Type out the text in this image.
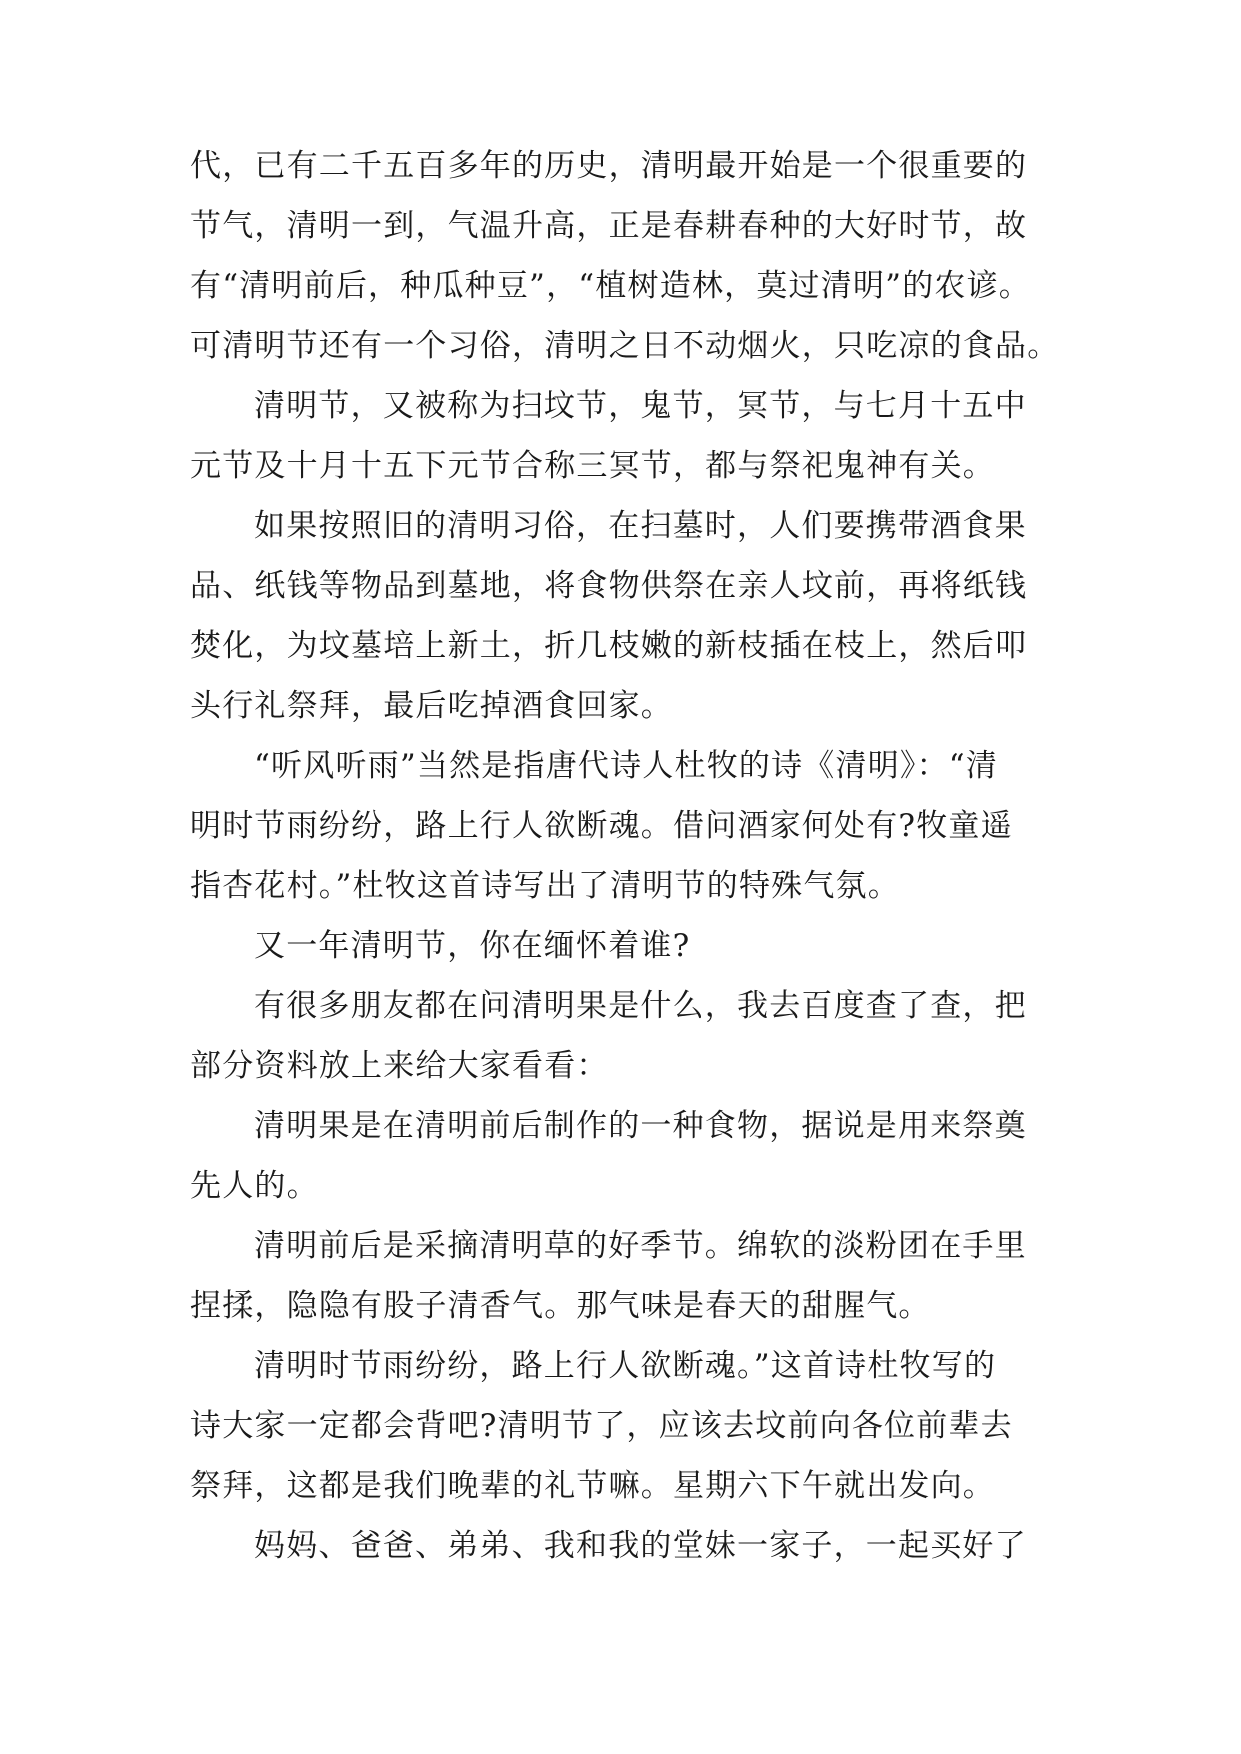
代，已有二千五百多年的历史，清明最开始是一个很重要的
节气，清明一到，气温升高，正是春耕春种的大好时节，故
有“清明前后，种瓜种豆”，“植树造林，莫过清明”的农谚。
可清明节还有一个习俗，清明之日不动烟火，只吃凉的食品。
清明节，又被称为扫坟节，鬼节，冥节，与七月十五中
元节及十月十五下元节合称三冥节，都与祭祀鬼神有关。
如果按照旧的清明习俗，在扫墓时，人们要携带酒食果
品、纸钱等物品到墓地，将食物供祭在亲人坟前，再将纸钱
焚化，为坟墓培上新土，折几枝嫩的新枝插在枝上，然后叩
头行礼祭拜，最后吃掉酒食回家。
“听风听雨”当然是指唐代诗人杜牧的诗《清明》：“清
明时节雨纷纷，路上行人欲断魂。借问酒家何处有?牧童遥
指杏花村。”杜牧这首诗写出了清明节的特殊气氛。
又一年清明节，你在缅怀着谁?
有很多朋友都在问清明果是什么，我去百度查了查，把
部分资料放上来给大家看看：
清明果是在清明前后制作的一种食物，据说是用来祭奠
先人的。
清明前后是采摘清明草的好季节。绵软的淡粉团在手里
捏揉，隐隐有股子清香气。那气味是春天的甜腥气。
清明时节雨纷纷，路上行人欲断魂。”这首诗杜牧写的
诗大家一定都会背吧?清明节了，应该去坟前向各位前辈去
祭拜，这都是我们晚辈的礼节嘛。星期六下午就出发向。
妈妈、爸爸、弟弟、我和我的堂妹一家子，一起买好了
